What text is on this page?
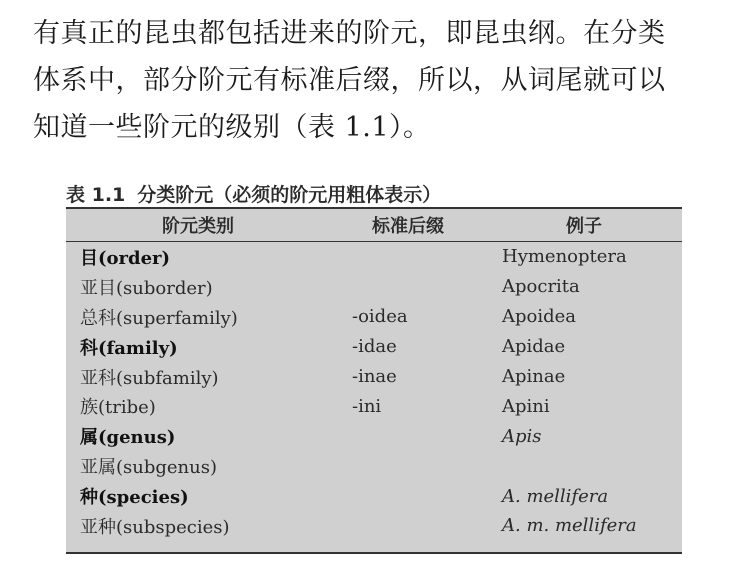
有真正的昆虫都包括进来的阶元，即昆虫纲。在分类
体系中，部分阶元有标准后缀，所以，从词尾就可以
知道一些阶元的级别（表 1.1）。
表 1.1 分类阶元（必须的阶元用粗体表示）
阶元类别	标准后缀	例子
目(order)		Hymenoptera
亚目(suborder)		Apocrita
总科(superfamily)	-oidea	Apoidea
科(family)	-idae	Apidae
亚科(subfamily)	-inae	Apinae
族(tribe)	-ini	Apini
属(genus)		Apis
亚属(subgenus)		
种(species)		A. mellifera
亚种(subspecies)		A. m. mellifera
